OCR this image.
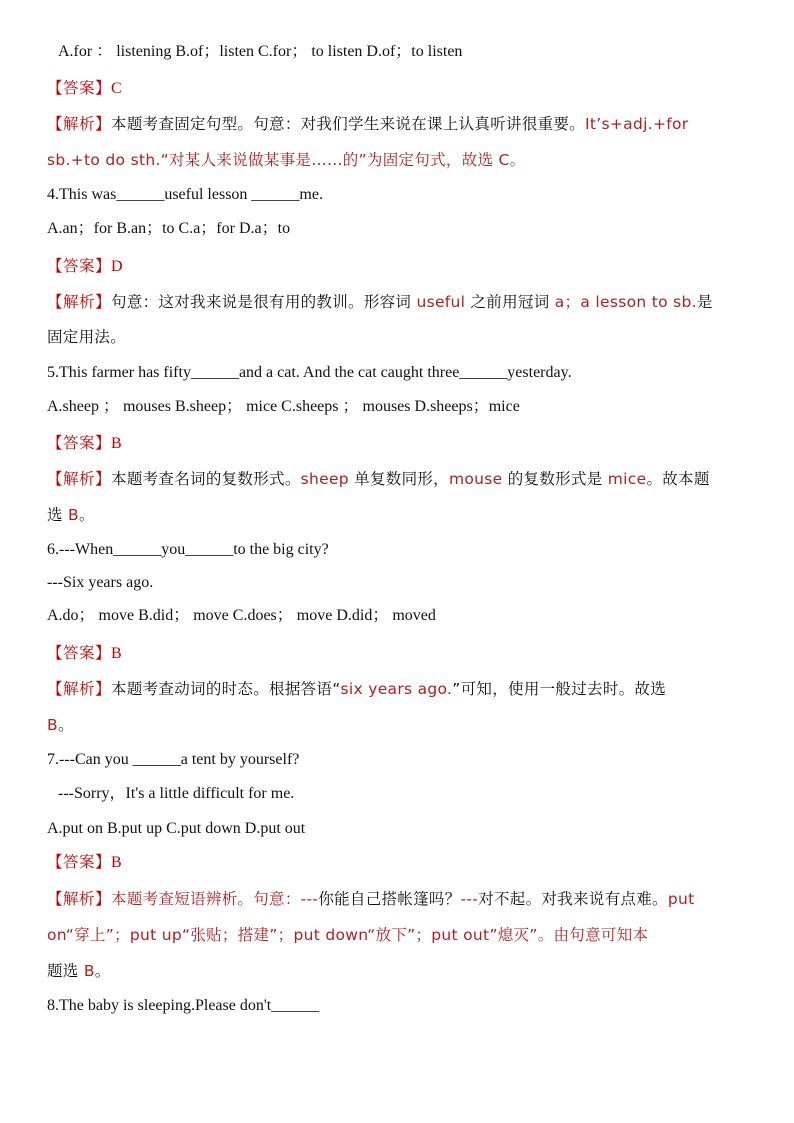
A.for ： listening B.of；listen C.for； to listen D.of；to listen
【答案】C
【解析】本题考查固定句型。句意：对我们学生来说在课上认真听讲很重要。It’s+adj.+for
sb.+to do sth.“对某人来说做某事是……的”为固定句式，故选 C。
4.This was______useful lesson ______me.
A.an；for B.an；to C.a；for D.a；to
【答案】D
【解析】句意：这对我来说是很有用的教训。形容词 useful 之前用冠词 a；a lesson to sb.是
固定用法。
5.This farmer has fifty______and a cat. And the cat caught three______yesterday.
A.sheep ； mouses B.sheep； mice C.sheeps ； mouses D.sheeps；mice
【答案】B
【解析】本题考查名词的复数形式。sheep 单复数同形，mouse 的复数形式是 mice。故本题
选 B。
6.---When______you______to the big city?
---Six years ago.
A.do； move B.did； move C.does； move D.did； moved
【答案】B
【解析】本题考查动词的时态。根据答语“six years ago.”可知，使用一般过去时。故选
B。
7.---Can you ______a tent by yourself?
---Sorry，It's a little difficult for me.
A.put on B.put up C.put down D.put out
【答案】B
【解析】本题考查短语辨析。句意：---你能自己搭帐篷吗？---对不起。对我来说有点难。put
on“穿上”；put up“张贴；搭建”；put down“放下”；put out”熄灭”。由句意可知本
题选 B。
8.The baby is sleeping.Please don't______
